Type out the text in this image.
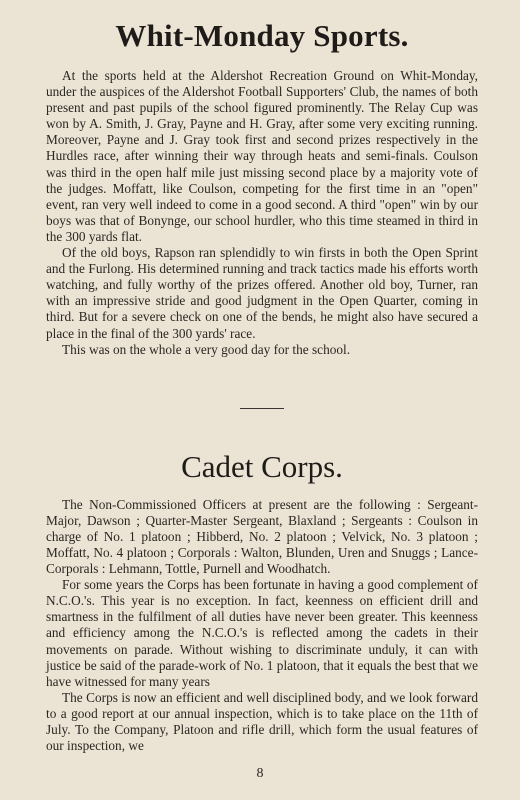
Whit-Monday Sports.

At the sports held at the Aldershot Recreation Ground on Whit-Monday, under the auspices of the Aldershot Football Supporters' Club, the names of both present and past pupils of the school figured prominently. The Relay Cup was won by A. Smith, J. Gray, Payne and H. Gray, after some very exciting running. Moreover, Payne and J. Gray took first and second prizes respectively in the Hurdles race, after winning their way through heats and semi-finals. Coulson was third in the open half mile just missing second place by a majority vote of the judges. Moffatt, like Coulson, competing for the first time in an "open" event, ran very well indeed to come in a good second. A third "open" win by our boys was that of Bonynge, our school hurdler, who this time steamed in third in the 300 yards flat.

Of the old boys, Rapson ran splendidly to win firsts in both the Open Sprint and the Furlong. His determined running and track tactics made his efforts worth watching, and fully worthy of the prizes offered. Another old boy, Turner, ran with an impressive stride and good judgment in the Open Quarter, coming in third. But for a severe check on one of the bends, he might also have secured a place in the final of the 300 yards' race.

This was on the whole a very good day for the school.

Cadet Corps.

The Non-Commissioned Officers at present are the following : Sergeant-Major, Dawson ; Quarter-Master Sergeant, Blaxland ; Sergeants : Coulson in charge of No. 1 platoon ; Hibberd, No. 2 platoon ; Velvick, No. 3 platoon ; Moffatt, No. 4 platoon ; Corporals : Walton, Blunden, Uren and Snuggs ; Lance-Corporals : Lehmann, Tottle, Purnell and Woodhatch.

For some years the Corps has been fortunate in having a good complement of N.C.O.'s. This year is no exception. In fact, keenness on efficient drill and smartness in the fulfilment of all duties have never been greater. This keenness and efficiency among the N.C.O.'s is reflected among the cadets in their movements on parade. Without wishing to discriminate unduly, it can with justice be said of the parade-work of No. 1 platoon, that it equals the best that we have witnessed for many years

The Corps is now an efficient and well disciplined body, and we look forward to a good report at our annual inspection, which is to take place on the 11th of July. To the Company, Platoon and rifle drill, which form the usual features of our inspection, we

8
